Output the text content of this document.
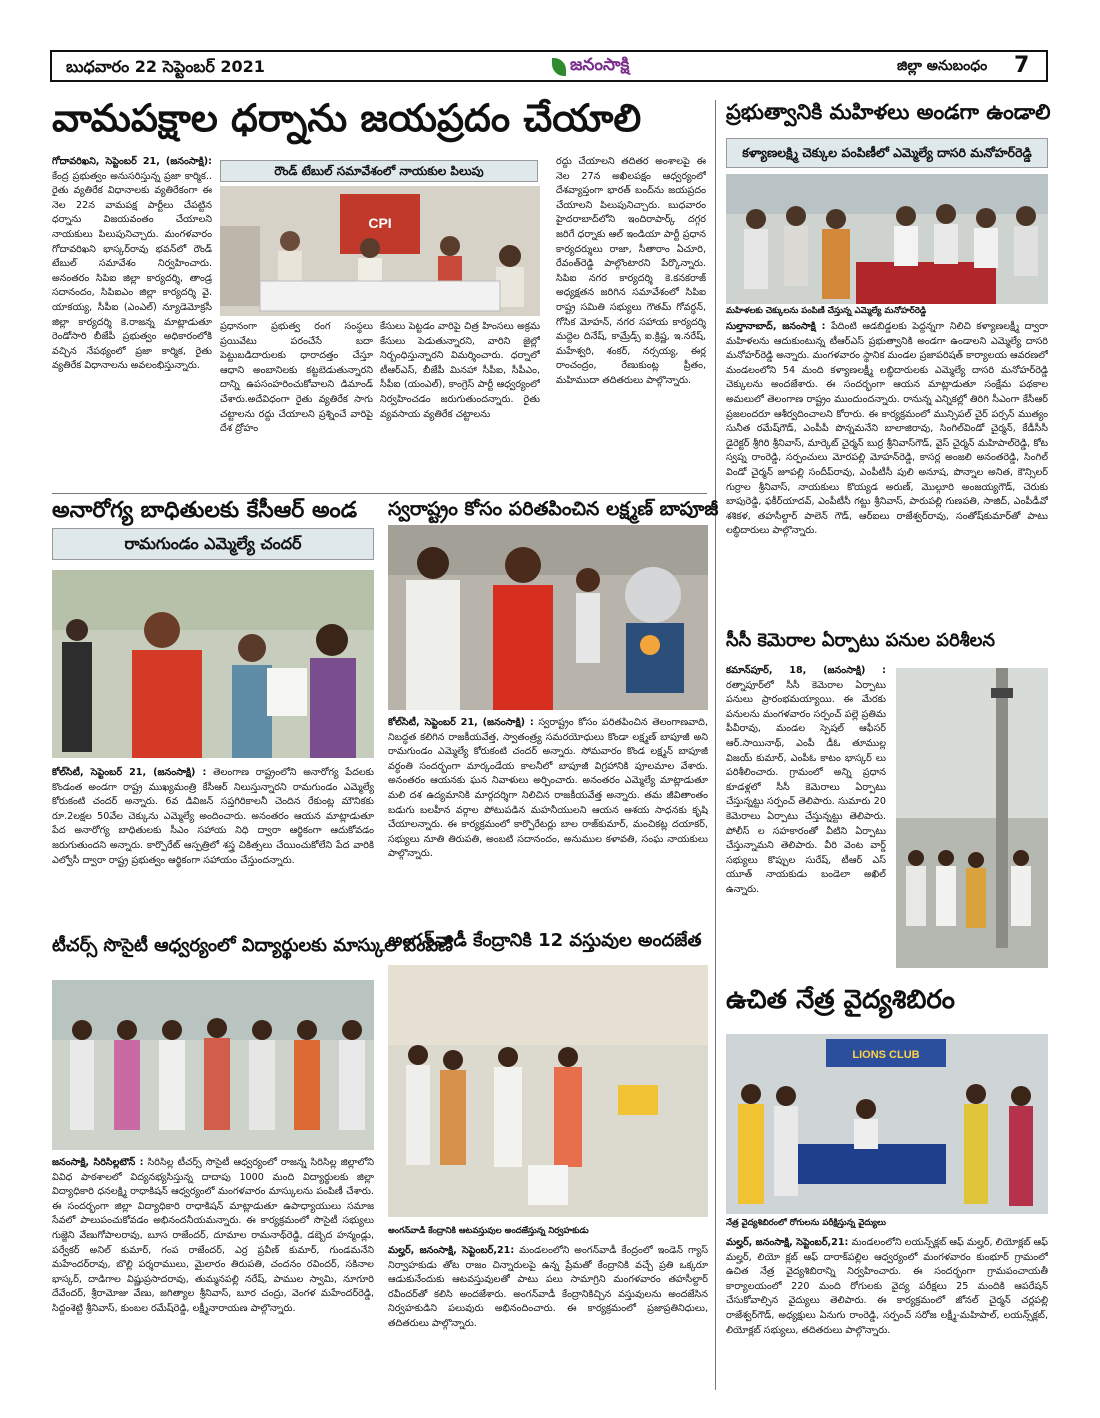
బుధవారం 22 సెప్టెంబర్ 2021	జనంసాక్షి	జిల్లా అనుబంధం 7
వామపక్షాల ధర్నాను జయప్రదం చేయాలి
రౌండ్ టేబుల్ సమావేశంలో నాయకుల పిలుపు
గోదావరిఖని, సెప్టెంబర్ 21, (జనంసాక్షి): కేంద్ర ప్రభుత్వం అనుసరిస్తున్న ప్రజా కార్మిక.. రైతు వ్యతిరేక విధానాలకు వ్యతిరేకంగా ఈ నెల 22న వామపక్ష పార్టీలు చేపట్టిన ధర్నాను విజయవంతం చేయాలని నాయకులు పిలుపునిచ్చారు. మంగళవారం గోదావరిఖని భాస్కర్‌రావు భవన్‌లో రౌండ్ టేబుల్ సమావేశం నిర్వహించారు. అనంతరం సిపిఐ జిల్లా కార్యదర్శి, తాండ్ర సదానందం, సిపిఐఎం జిల్లా కార్యదర్శి వై. యాకయ్య, సీపీఐ (ఎంఎల్) న్యూడెమోక్రసీ జిల్లా కార్యదర్శి కె.రాజన్న మాట్లాడుతూ రెండోసారి బీజేపీ ప్రభుత్వం అధికారంలోకి వచ్చిన నేపథ్యంలో ప్రజా కార్మిక, రైతు వ్యతిరేక విధానాలను అవలంభిస్తున్నారు.
CPI
ప్రధానంగా ప్రభుత్వ రంగ సంస్థలు ప్రయివేటు పరంచేసే బదా పెట్టుబడిదారులకు ధారాదత్తం చేస్తూ ఆధాని అంబానిలకు కట్టబెడుతున్నారని దాన్ని ఉపసంహరించుకోవాలని డిమాండ్ చేశారు.అదేవిధంగా రైతు వ్యతిరేక సాగు చట్టాలను రద్దు చేయాలని ప్రశ్నించే వారిపై దేశ ద్రోహం
కేసులు పెట్టడం వారిపై చిత్ర హింసలు అక్రమ కేసులు పెడుతున్నారని, వారిని జైల్లో నిర్బంధిస్తున్నారని విమర్శించారు. ధర్నాలో టీఆర్‌ఎస్, బీజేపీ మినహా సీపీఐ, సీపీఎం, సీపీఐ (యంఎల్), కాంగ్రెస్ పార్టీ ఆధ్వర్యంలో నిర్వహించడం జరుగుతుందన్నారు. రైతు వ్యవసాయ వ్యతిరేక చట్టాలను
రద్దు చేయాలని తదితర అంశాలపై ఈ నెల 27న అఖిలపక్షం ఆధ్వర్యంలో దేశవ్యాప్తంగా భారత్ బంద్‌ను జయప్రదం చేయాలని పిలుపునిచ్చారు. బుధవారం హైదరాబాద్‌లోని ఇందిరాపార్క్ దగ్గర జరిగే ధర్నాకు ఆల్ ఇండియా పార్టీ ప్రధాన కార్యదర్శులు రాజా, సీతారాం ఏచూరి, రేవంత్‌రెడ్డి పాల్గొంటారని పేర్కొన్నారు. సిపిఐ నగర కార్యదర్శి కె.కనకరాజ్ అధ్యక్షతన జరిగిన సమావేశంలో సిపిఐ రాష్ట్ర సమితి సభ్యులు గౌతమ్ గోవర్ధన్, గోసిక మోహన్, నగర సహాయ కార్యదర్శి మద్దెల దినేష్, కామ్రేడ్స్ ఐ.క్రిష్ణ, ఇ.నరేష్, మహేశ్వరి, శంకర్, నర్సయ్య, ఈర్ల రాంచంద్రం, రేణుకుంట్ల ప్రీతం, మహిముదా తదితరులు పాల్గొన్నారు.
ప్రభుత్వానికి మహిళలు అండగా ఉండాలి
కళ్యాణలక్ష్మి చెక్కుల పంపిణీలో ఎమ్మెల్యే దాసరి మనోహర్‌రెడ్డి
మహిళలకు చెక్కులను పంపిణీ చేస్తున్న ఎమ్మెల్యే మనోహర్‌రెడ్డి
సుల్తానాబాద్, జనంసాక్షి : పేదింటి ఆడబిడ్డలకు పెద్దన్నగా నిలిచి కళ్యాణలక్ష్మీ ద్వారా మహిళలను ఆదుకుంటున్న టీఆర్‌ఎస్ ప్రభుత్వానికి అండగా ఉండాలని ఎమ్మెల్యే దాసరి మనోహర్‌రెడ్డి అన్నారు. మంగళవారం స్థానిక మండల ప్రజాపరిషత్ కార్యాలయ ఆవరణలో మండలంలోని 54 మంది కళ్యాణలక్ష్మీ లబ్ధిదారులకు ఎమ్మెల్యే దాసరి మనోహర్‌రెడ్డి చెక్కులను అందజేశారు. ఈ సందర్భంగా ఆయన మాట్లాడుతూ సంక్షేమ పథకాల అమలులో తెలంగాణ రాష్ట్రం ముందుందన్నారు. రానున్న ఎన్నికల్లో తిరిగి సీఎంగా కేసీఆర్ ప్రజలందరూ ఆశీర్వదించాలని కోరారు. ఈ కార్యక్రమంలో మున్సిపల్ చైర్ పర్సన్ ముత్యం సునీత రమేష్‌గౌడ్, ఎంపీపీ పొన్నమనేని బాలాజిరావు, సింగిల్‌విండో చైర్మన్, కేడీసీసీ డైరెక్టర్ శ్రీగిరి శ్రీనివాస్, మార్కెట్ చైర్మన్ బుర్ర శ్రీనివాస్‌గౌడ్, వైస్ చైర్మన్ మహిపాల్‌రెడ్డి, కోట స్వప్న రాంరెడ్డి, సర్పంచులు మోరపల్లి మోహన్‌రెడ్డి, కాసర్ల అంజలి అనంతరెడ్డి, సింగిల్ విండో చైర్మన్ జూపల్లి సందీప్‌రావు, ఎంపీటీసీ పులి అనూష, పొన్నాల అనిత, కౌన్సిలర్ గుర్రాల శ్రీనివాస్, నాయకులు కొయ్యడ అరుణ్, మొల్గూరి అంజయ్యగౌడ్, చెరుకు బాపురెడ్డి, ఫకీర్‌యాదవ్, ఎంపీటీసీ గట్టు శ్రీనివాస్, పారుపల్లి గుణపతి, సాజిద్, ఎంపీడీవో శశికళ, తహసీల్దార్ పాలెన్ గౌడ్, ఆర్‌ఐలు రాజేశ్వర్‌రావు, సంతోష్‌కుమార్‌తో పాటు లబ్ధిదారులు పాల్గొన్నారు.
అనారోగ్య బాధితులకు కేసీఆర్ అండ
రామగుండం ఎమ్మెల్యే చందర్
కోల్‌సిటీ, సెప్టెంబర్ 21, (జనంసాక్షి) : తెలంగాణ రాష్ట్రంలోని అనారోగ్య పేదలకు కొండంత అండగా రాష్ట్ర ముఖ్యమంత్రి కేసీఆర్ నిలుస్తున్నారని రామగుండం ఎమ్మెల్యే కోరుకంటి చందర్ అన్నారు. 6వ డివిజన్ సప్తగిరికాలనీ చెందిన రేకుంట్ల మౌనికకు రూ.2లక్షల 50వేల చెక్కును ఎమ్మెల్యే అందించారు. అనంతరం ఆయన మాట్లాడుతూ పేద అనారోగ్య బాధితులకు సీఎం సహాయ నిధి ద్వారా ఆర్థికంగా ఆదుకోవడం జరుగుతుందని అన్నారు. కార్పొరేట్ ఆస్పత్రిలో శస్త్ర చికిత్సలు చేయించుకోలేని పేద వారికి ఎల్వోసీ ద్వారా రాష్ట్ర ప్రభుత్వం ఆర్థికంగా సహాయం చేస్తుందన్నారు.
స్వరాష్ట్రం కోసం పరితపించిన లక్ష్మణ్ బాపూజీ
కోల్‌సిటీ, సెప్టెంబర్ 21, (జనంసాక్షి) : స్వరాష్ట్రం కోసం పరితపించిన తెలంగాణవాది, నిబద్ధత కలిగిన రాజకీయవేత్త, స్వాతంత్ర్య సమరయోధులు కొండా లక్ష్మణ్ బాపూజీ అని రామగుండం ఎమ్మెల్యే కోరుకంటి చందర్ అన్నారు. సోమవారం కొండ లక్ష్మన్ బాపూజీ వర్ధంతి సందర్భంగా మార్కండేయ కాలనీలో బాపూజీ విగ్రహానికి పూలమాల వేశారు. అనంతరం ఆయనకు ఘన నివాళులు అర్పించారు. అనంతరం ఎమ్మెల్యే మాట్లాడుతూ మలి దశ ఉద్యమానికి మార్గదర్శిగా నిలిచిన రాజకీయవేత్త అన్నారు. తమ జీవితాంతం బడుగు బలహీన వర్గాల పోటుపడిన మహనీయులని ఆయన ఆశయ సాధనకు కృషి చేయాలన్నారు. ఈ కార్యక్రమంలో కార్పొరేటర్లు బాల రాజ్‌కుమార్, మంచికట్ల దయాకర్, సభ్యులు నూతి తిరుపతి, అంబటి సదానందం, అనుముల కళావతి, సంఘ నాయకులు పాల్గొన్నారు.
సీసీ కెమెరాల ఏర్పాటు పనుల పరిశీలన
కమాన్‌పూర్, 18, (జనంసాక్షి) : రత్నాపూర్‌లో సీసీ కెమెరాల ఏర్పాటు పనులు ప్రారంభమయ్యాయి. ఈ మేరకు పనులను మంగళవారం సర్పంచ్ పల్లె ప్రతిమ పీవీరావు, మండల స్పెషల్ ఆఫీసర్ ఆర్.సాయినాథ్, ఎంపీ డీఓ తూముల్ల విజయ్ కుమార్, ఎంపీఓ కాటం భాస్కర్ లు పరిశీలించారు. గ్రామంలో అన్ని ప్రధాన కూడళ్లలో సీసీ కెమెరాలు ఏర్పాటు చేస్తున్నట్టు సర్పంచ్ తెలిపారు. సుమారు 20 కెమెరాలు ఏర్పాటు చేస్తున్నట్టు తెలిపారు. పోలీస్ ల సహకారంతో వీటిని ఏర్పాటు చేస్తున్నామని తెలిపారు. వీరి వెంట వార్డ్ సభ్యులు కొప్పుల సురేష్, టీఆర్ ఎస్ యూత్ నాయకుడు బండెలా అఖిల్ ఉన్నారు.
టీచర్స్ సొసైటీ ఆధ్వర్యంలో విద్యార్థులకు మాస్కుల పంపిణీ
జనంసాక్షి, సిరిసిల్లటౌన్ : సిరిసిల్ల టీచర్స్ సొసైటీ ఆధ్వర్యంలో రాజన్న సిరిసిల్ల జిల్లాలోని వివిధ పాఠశాలలో విద్యనభ్యసిస్తున్న దాదాపు 1000 మంది విద్యార్థులకు జిల్లా విద్యాధికారి ధనలక్ష్మి రాధాకిషన్ ఆధ్వర్యంలో మంగళవారం మాస్కులను పంపిణీ చేశారు. ఈ సందర్భంగా జిల్లా విద్యాధికారి రాధాకిషన్ మాట్లాడుతూ ఉపాధ్యాయులు సమాజ సేవలో పాలుపంచుకోవడం అభినందనీయమన్నారు. ఈ కార్యక్రమంలో సొసైటీ సభ్యులు గుజ్జెని వేణుగోపాలరావు, బూస రాజేందర్, దూమాల రామనాథ్‌రెడ్డి, డబ్బెద హన్మండ్లు, పర్వేకర్ అనిల్ కుమార్, గంప రాజేందర్, ఎర్ర ప్రవీణ్ కుమార్, గుండమనేని మహేందర్‌రావు, బొల్లి పర్శరాములు, మైలారం తిరుపతి, చందనం రవిందర్, సకినాల భాస్కర్, దాడిగాల విష్ణుప్రసాదరావు, తుమ్మనపల్లి నరేష్, పాముల స్వామి, నూగూరి దేవేందర్, శ్రీరామోజు వేణు, జగిత్యాల శ్రీనివాస్, బూర చంద్రు, వెంగళ మహేందర్‌రెడ్డి, సిద్దంశెట్టి శ్రీనివాస్, కుంబల రమేష్‌రెడ్డి, లక్ష్మీనారాయణ పాల్గొన్నారు.
అంగన్‌వాడీ కేంద్రానికి 12 వస్తువుల అందజేత
అంగన్‌వాడీ కేంద్రానికి ఆటవస్తువుల అందజేస్తున్న నిర్వహకుడు
మల్హర్, జనంసాక్షి, సెప్టెంబర్,21: మండలంలోని అంగన్‌వాడీ కేంద్రంలో ఇండెన్ గ్యాస్ నిర్వాహకుడు తోట రాజం చిన్నారులపై ఉన్న ప్రేమతో కేంద్రానికి వచ్చే ప్రతి ఒక్కరూ ఆడుకునేందుకు ఆటవస్తువులతో పాటు పలు సామాగ్రిని మంగళవారం తహసీల్దార్ రవీందర్‌తో కలిసి అందజేశారు. అంగన్‌వాడీ కేంద్రానికిచ్చిన వస్తువులను అందజేసిన నిర్వహకుడిని పలువురు అభినందించారు. ఈ కార్యక్రమంలో ప్రజాప్రతినిధులు, తదితరులు పాల్గొన్నారు.
ఉచిత నేత్ర వైద్యశిబిరం
LIONS CLUB
నేత్ర వైద్యశిబిరంలో రోగులను పరీక్షిస్తున్న వైద్యులు
మల్హర్, జనంసాక్షి, సెప్టెంబర్,21: మండలంలోని లయన్స్‌క్లబ్ ఆఫ్ మల్హర్, లియోక్లబ్ ఆఫ్ మల్హర్, లియో క్లబ్ ఆఫ్ దారాక్‌పల్లిల ఆధ్వర్యంలో మంగళవారం కుంభూర్ గ్రామంలో ఉచిత నేత్ర వైద్యశిబిరాన్ని నిర్వహించారు. ఈ సందర్భంగా గ్రామపంచాయతీ కార్యాలయంలో 220 మంది రోగులకు వైద్య పరీక్షలు 25 మందికి ఆపరేషన్ చేసుకోవాల్సిన వైద్యులు తెలిపారు. ఈ కార్యక్రమంలో జోనల్ చైర్మన్ చర్లపల్లి రాజేశ్వర్‌గౌడ్, అధ్యక్షులు ఏనుగు రాంరెడ్డి, సర్పంచ్ సరోజ లక్ష్మీ-మహిపాల్, లయన్స్‌క్లబ్, లియోక్లబ్ సభ్యులు, తదితరులు పాల్గొన్నారు.
